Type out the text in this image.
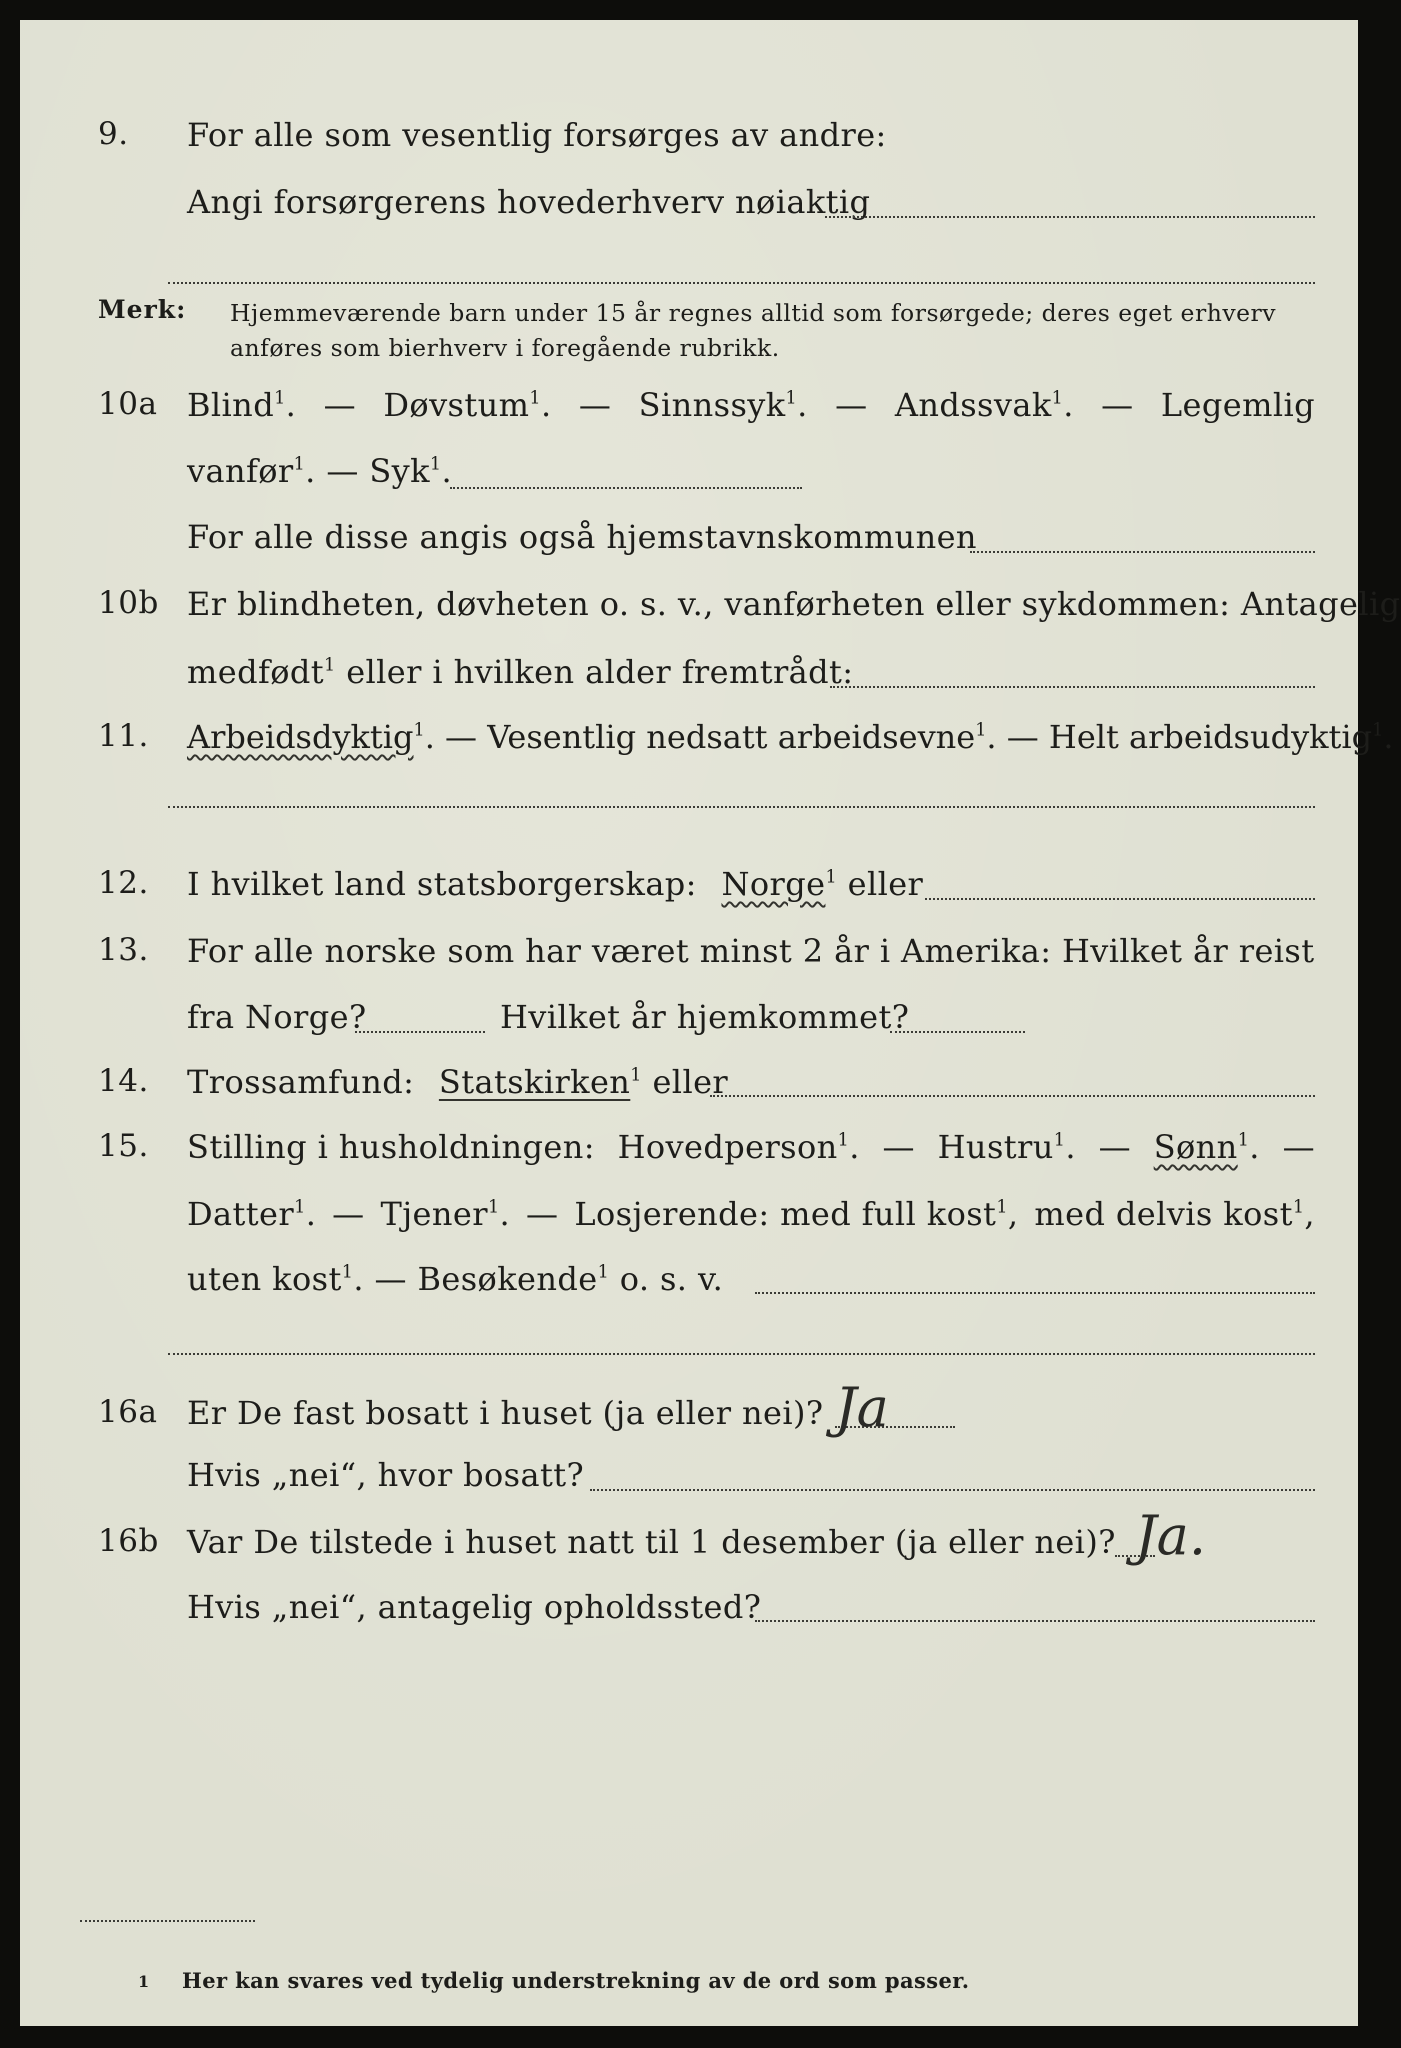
9. For alle som vesentlig forsørges av andre:
Angi forsørgerens hovederhverv nøiaktig
Merk: Hjemmeværende barn under 15 år regnes alltid som forsørgede; deres eget erhverv
anføres som bierhverv i foregående rubrikk.
10a Blind$^1$. — Døvstum$^1$. — Sinnssyk$^1$. — Andssvak$^1$. — Legemlig
vanfør$^1$. — Syk$^1$.
For alle disse angis også hjemstavnskommunen
10b Er blindheten, døvheten o. s. v., vanførheten eller sykdommen: Antagelig
medfødt$^1$ eller i hvilken alder fremtrådt:
11. Arbeidsdyktig$^1$. — Vesentlig nedsatt arbeidsevne$^1$. — Helt arbeidsudyktig$^1$.
12. I hvilket land statsborgerskap: Norge$^1$ eller
13. For alle norske som har været minst 2 år i Amerika: Hvilket år reist
fra Norge?	Hvilket år hjemkommet?
14. Trossamfund: Statskirken$^1$ eller
15. Stilling i husholdningen: Hovedperson$^1$. — Hustru$^1$. — Sønn$^1$. —
Datter$^1$. — Tjener$^1$. — Losjerende: med full kost$^1$, med delvis kost$^1$,
uten kost$^1$. — Besøkende$^1$ o. s. v.
16a Er De fast bosatt i huset (ja eller nei)? Ja
Hvis „nei“, hvor bosatt?
16b Var De tilstede i huset natt til 1 desember (ja eller nei)? Ja.
Hvis „nei“, antagelig opholdssted?
1 Her kan svares ved tydelig understrekning av de ord som passer.
